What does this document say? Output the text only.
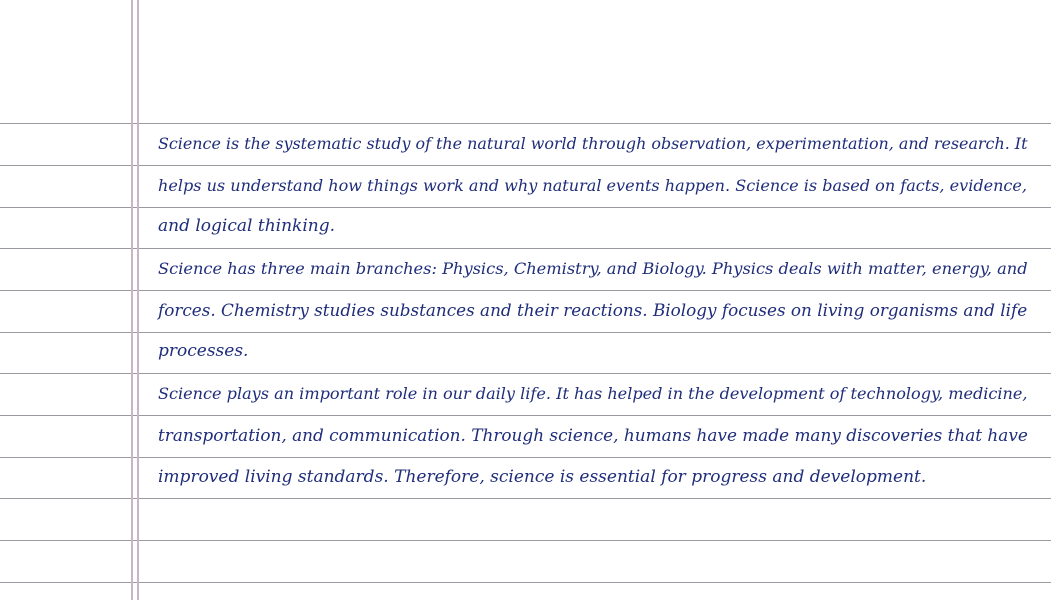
Science is the systematic study of the natural world through observation, experimentation, and research. It
helps us understand how things work and why natural events happen. Science is based on facts, evidence,
and logical thinking.
Science has three main branches: Physics, Chemistry, and Biology. Physics deals with matter, energy, and
forces. Chemistry studies substances and their reactions. Biology focuses on living organisms and life
processes.
Science plays an important role in our daily life. It has helped in the development of technology, medicine,
transportation, and communication. Through science, humans have made many discoveries that have
improved living standards. Therefore, science is essential for progress and development.
